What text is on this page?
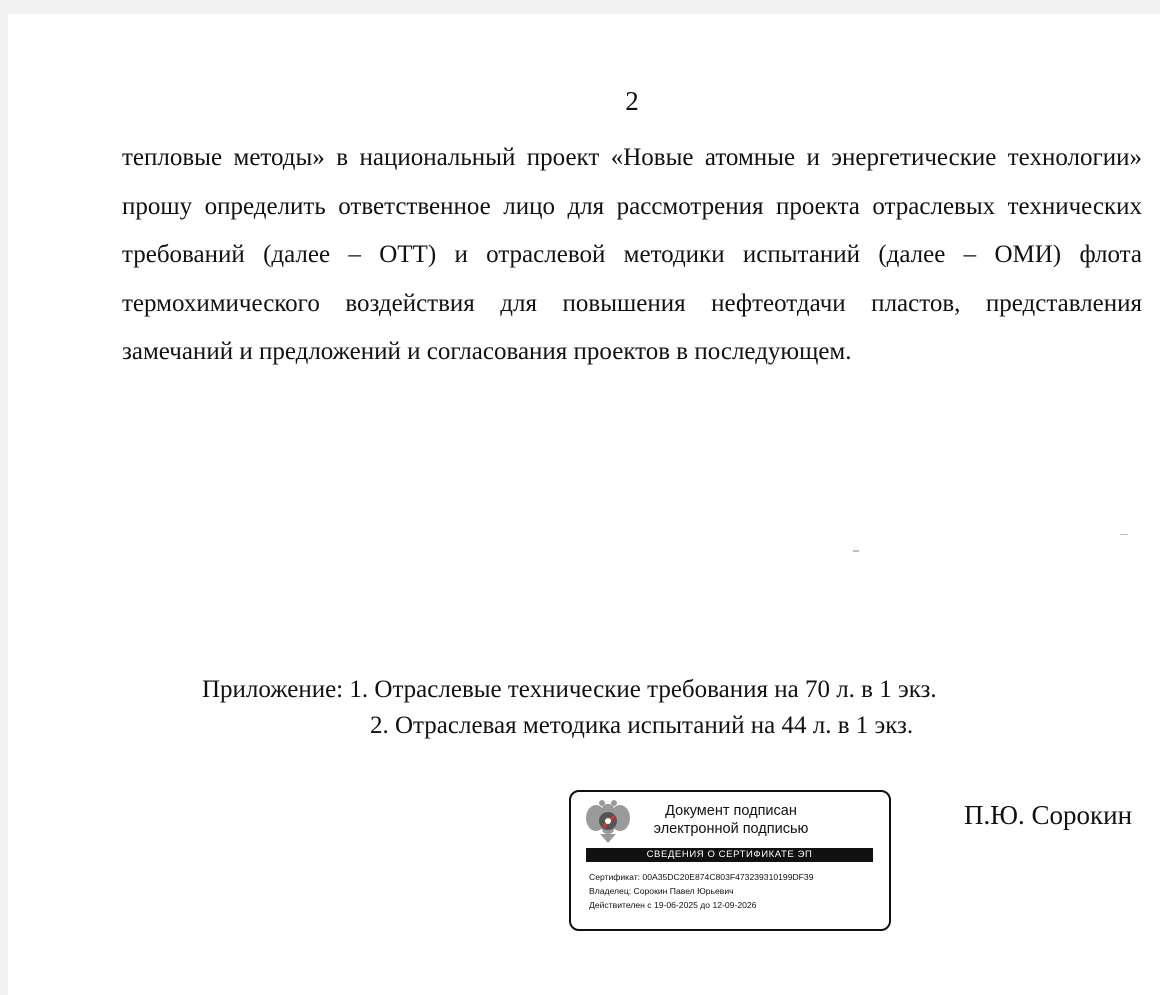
2

тепловые методы» в национальный проект «Новые атомные и энергетические технологии» прошу определить ответственное лицо для рассмотрения проекта отраслевых технических требований (далее – ОТТ) и отраслевой методики испытаний (далее – ОМИ) флота термохимического воздействия для повышения нефтеотдачи пластов, представления замечаний и предложений и согласования проектов в последующем.

Приложение: 1. Отраслевые технические требования на 70 л. в 1 экз.
2. Отраслевая методика испытаний на 44 л. в 1 экз.
Документ подписан
электронной подписью
СВЕДЕНИЯ О СЕРТИФИКАТЕ ЭП
Сертификат: 00A35DC20E874C803F473239310199DF39
Владелец: Сорокин Павел Юрьевич
Действителен с 19-06-2025 до 12-09-2026
П.Ю. Сорокин
